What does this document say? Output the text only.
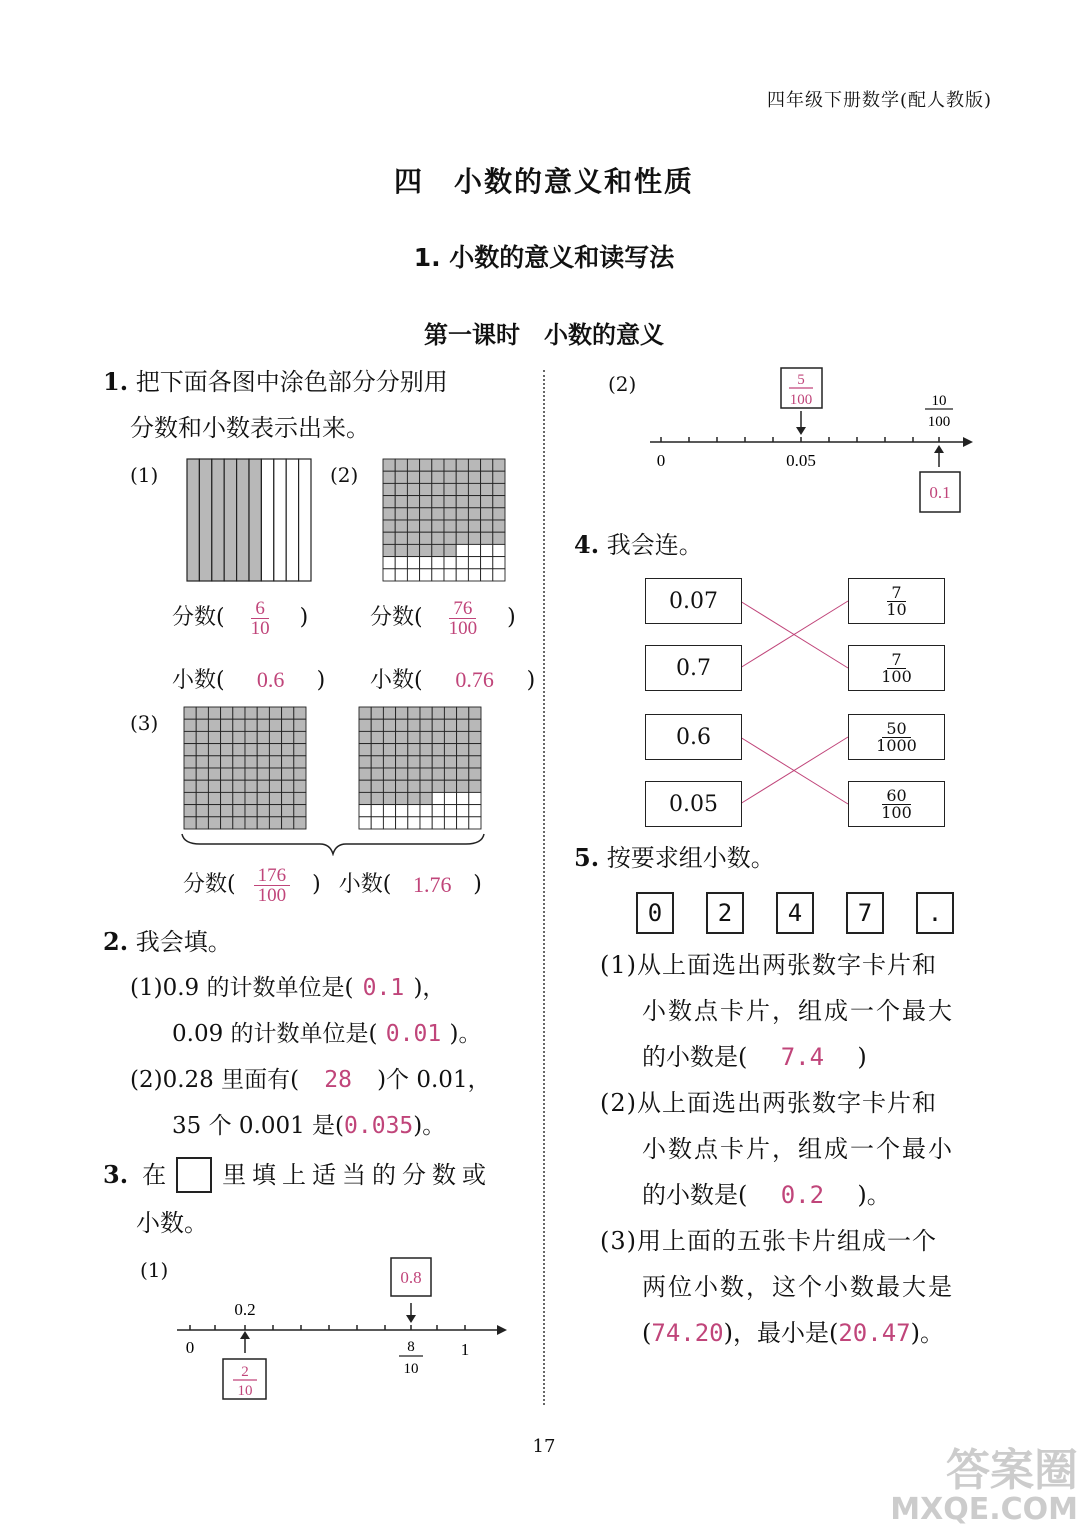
四年级下册数学(配人教版)
四　小数的意义和性质
1. 小数的意义和读写法
第一课时　小数的意义
1. 把下面各图中涂色部分分别用
分数和小数表示出来。
(1)	(2)
分数( $\frac{6}{10}$ )	分数( $\frac{76}{100}$ )
小数( 0.6 ) 小数( 0.76 )
(3)
分数( $\frac{176}{100}$ ) 小数( 1.76 )
2. 我会填。
(1)0.9 的计数单位是( 0.1 )，
0.09 的计数单位是( 0.01 )。
(2)0.28 里面有( 28 )个 0.01，
35 个 0.001 是(0.035)。
3. 在 里填上适当的分数或
小数。
(1)	0.8
0.2
0	1
8
10
2
10
(2)	5
100	10
100
0	0.05
0.1
4. 我会连。
0.07
0.7
$\frac{7}{10}$
$\frac{7}{100}$
0.6
0.05
$\frac{50}{1000}$
$\frac{60}{100}$
5. 按要求组小数。
0	2	4	7	.
(1)从上面选出两张数字卡片和
小数点卡片，组成一个最大
的小数是( 7.4 )
(2)从上面选出两张数字卡片和
小数点卡片，组成一个最小
的小数是( 0.2 )。
(3)用上面的五张卡片组成一个
两位小数，这个小数最大是
(74.20)，最小是(20.47)。
17	答案圈
MXQE.COM
